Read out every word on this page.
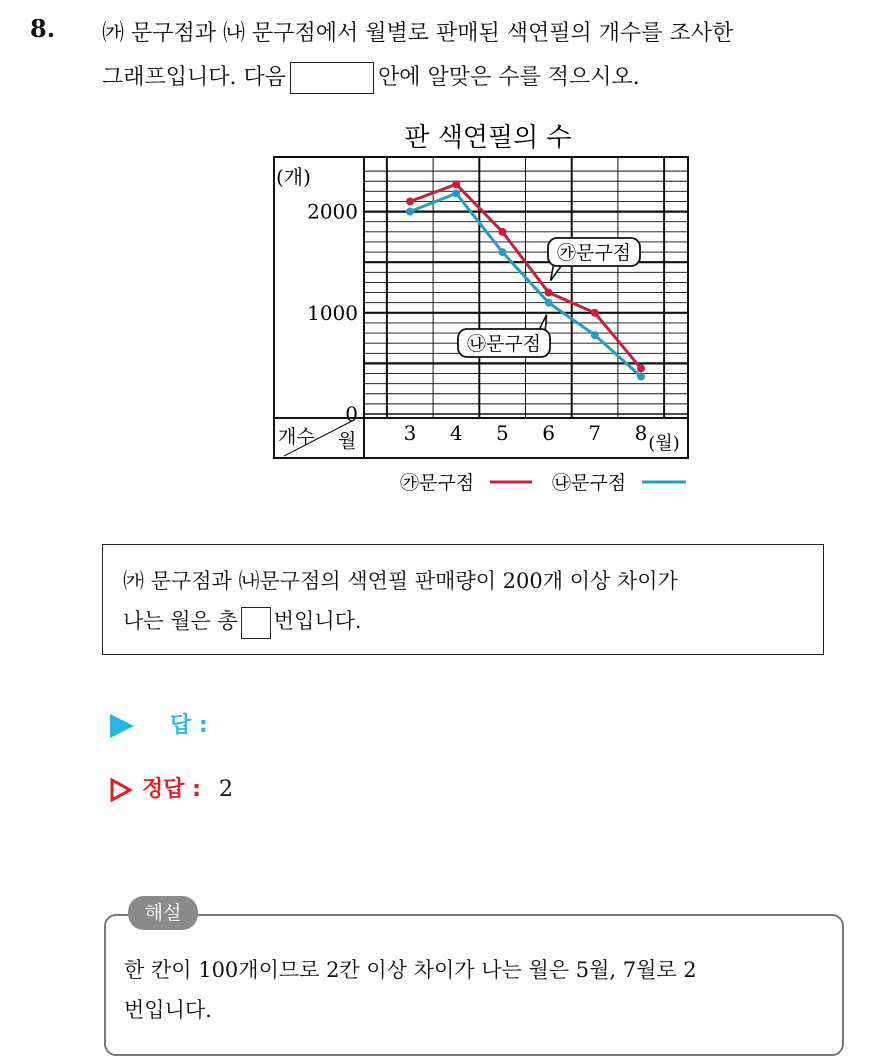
8. ㈎ 문구점과 ㈏ 문구점에서 월별로 판매된 색연필의 개수를 조사한
그래프입니다. 다음	안에 알맞은 수를 적으시오.
판 색연필의 수
(개)
2000
1000
0
개수 월 3 4 5 6 7 8 (월)
㉮문구점
㉯문구점
㉮문구점	㉯문구점
㈎ 문구점과 ㈏문구점의 색연필 판매량이 200개 이상 차이가
나는 월은 총 번입니다.
답 :
정답 : 2
해설
한 칸이 100개이므로 2칸 이상 차이가 나는 월은 5월, 7월로 2
번입니다.
